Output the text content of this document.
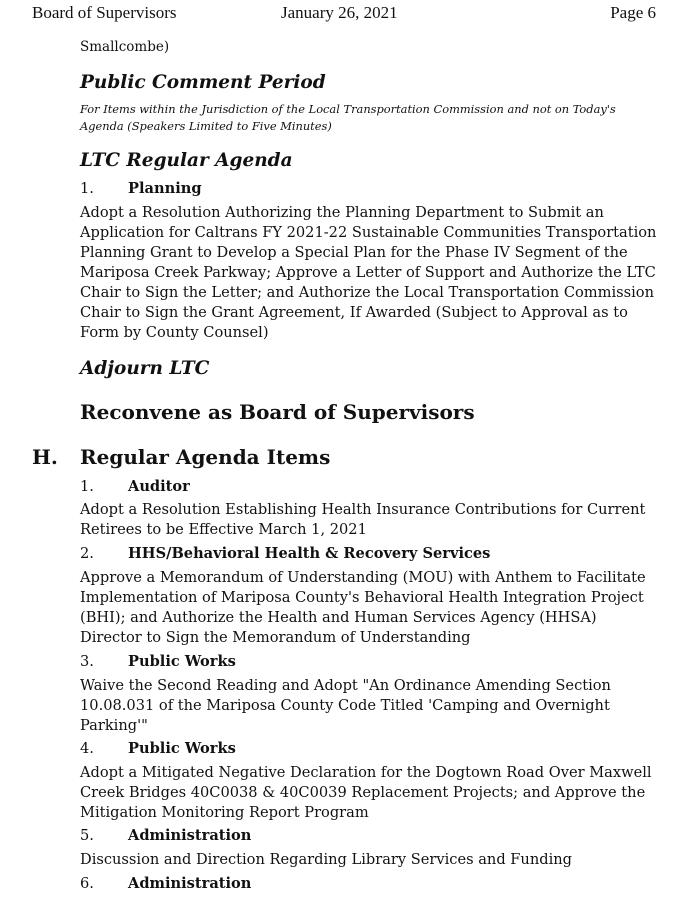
Board of Supervisors	January 26, 2021	Page 6
Smallcombe)
Public Comment Period
For Items within the Jurisdiction of the Local Transportation Commission and not on Today's Agenda (Speakers Limited to Five Minutes)
LTC Regular Agenda
1. Planning
Adopt a Resolution Authorizing the Planning Department to Submit an Application for Caltrans FY 2021-22 Sustainable Communities Transportation Planning Grant to Develop a Special Plan for the Phase IV Segment of the Mariposa Creek Parkway; Approve a Letter of Support and Authorize the LTC Chair to Sign the Letter; and Authorize the Local Transportation Commission Chair to Sign the Grant Agreement, If Awarded (Subject to Approval as to Form by County Counsel)
Adjourn LTC
Reconvene as Board of Supervisors
H. Regular Agenda Items
1. Auditor
Adopt a Resolution Establishing Health Insurance Contributions for Current Retirees to be Effective March 1, 2021
2. HHS/Behavioral Health & Recovery Services
Approve a Memorandum of Understanding (MOU) with Anthem to Facilitate Implementation of Mariposa County's Behavioral Health Integration Project (BHI); and Authorize the Health and Human Services Agency (HHSA) Director to Sign the Memorandum of Understanding
3. Public Works
Waive the Second Reading and Adopt "An Ordinance Amending Section 10.08.031 of the Mariposa County Code Titled 'Camping and Overnight Parking'"
4. Public Works
Adopt a Mitigated Negative Declaration for the Dogtown Road Over Maxwell Creek Bridges 40C0038 & 40C0039 Replacement Projects; and Approve the Mitigation Monitoring Report Program
5. Administration
Discussion and Direction Regarding Library Services and Funding
6. Administration
